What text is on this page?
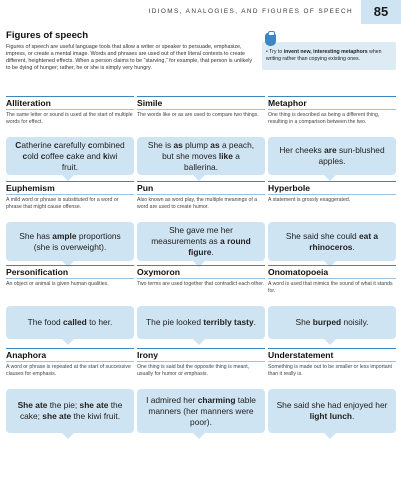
IDIOMS, ANALOGIES, AND FIGURES OF SPEECH	85
Figures of speech

Figures of speech are useful language tools that allow a writer or speaker to persuade, emphasize, impress, or create a mental image. Words and phrases are used out of their literal contexts to create different, heightened effects. When a person claims to be “starving,” for example, that person is unlikely to be dying of hunger; rather, he or she is simply very hungry.

• Try to invent new, interesting metaphors when writing rather than copying existing ones.
Alliteration
The same letter or sound is used at the start of multiple words for effect.
Catherine carefully combined cold coffee cake and kiwi fruit.
Simile
The words like or as are used to compare two things.
She is as plump as a peach, but she moves like a ballerina.
Metaphor
One thing is described as being a different thing, resulting in a comparison between the two.
Her cheeks are sun-blushed apples.
Euphemism
A mild word or phrase is substituted for a word or phrase that might cause offense.
She has ample proportions (she is overweight).
Pun
Also known as word play, the multiple meanings of a word are used to create humor.
She gave me her measurements as a round figure.
Hyperbole
A statement is grossly exaggerated.
She said she could eat a rhinoceros.
Personification
An object or animal is given human qualities.
The food called to her.
Oxymoron
Two terms are used together that contradict each other.
The pie looked terribly tasty.
Onomatopoeia
A word is used that mimics the sound of what it stands for.
She burped noisily.
Anaphora
A word or phrase is repeated at the start of successive clauses for emphasis.
She ate the pie; she ate the cake; she ate the kiwi fruit.
Irony
One thing is said but the opposite thing is meant, usually for humor or emphasis.
I admired her charming table manners (her manners were poor).
Understatement
Something is made out to be smaller or less important than it really is.
She said she had enjoyed her light lunch.
